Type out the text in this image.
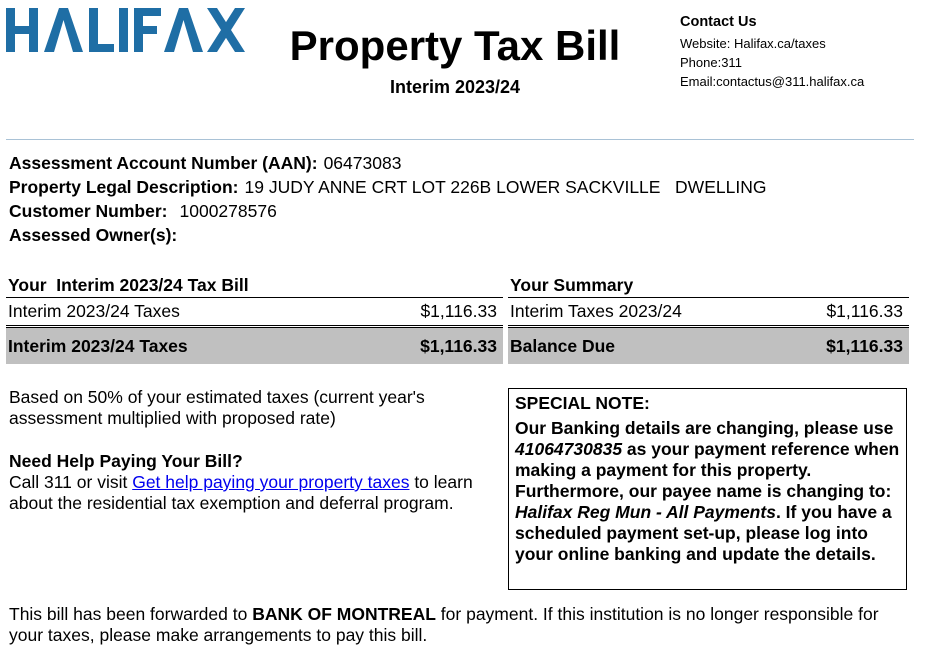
Property Tax Bill
Interim 2023/24
Contact Us
Website: Halifax.ca/taxes
Phone:311
Email:contactus@311.halifax.ca
Assessment Account Number (AAN): 06473083
Property Legal Description: 19 JUDY ANNE CRT LOT 226B LOWER SACKVILLE   DWELLING
Customer Number: 1000278576
Assessed Owner(s):
Your  Interim 2023/24 Tax Bill
Interim 2023/24 Taxes	$1,116.33
Interim 2023/24 Taxes	$1,116.33
Your Summary
Interim Taxes 2023/24	$1,116.33
Balance Due	$1,116.33
Based on 50% of your estimated taxes (current year's assessment multiplied with proposed rate)
Need Help Paying Your Bill?
Call 311 or visit Get help paying your property taxes to learn about the residential tax exemption and deferral program.
SPECIAL NOTE:
Our Banking details are changing, please use 41064730835 as your payment reference when making a payment for this property. Furthermore, our payee name is changing to: Halifax Reg Mun - All Payments. If you have a scheduled payment set-up, please log into your online banking and update the details.
This bill has been forwarded to BANK OF MONTREAL for payment. If this institution is no longer responsible for your taxes, please make arrangements to pay this bill.
